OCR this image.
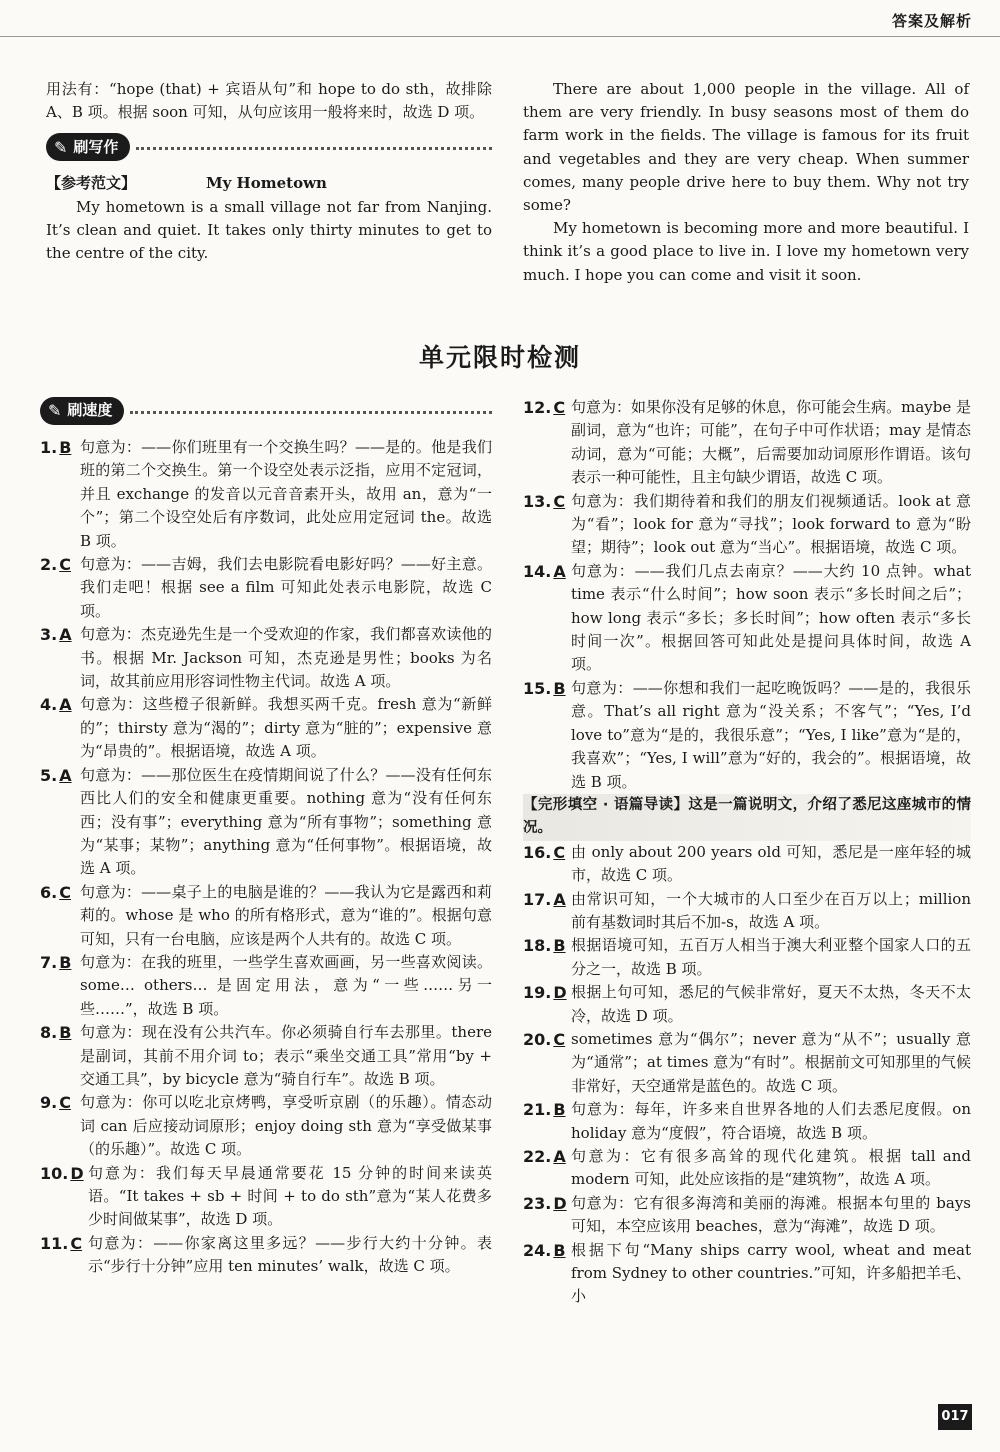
答案及解析

用法有：“hope (that) + 宾语从句”和 hope to do sth，故排除 A、B 项。根据 soon 可知，从句应该用一般将来时，故选 D 项。

✎ 刷写作

【参考范文】	My Hometown

My hometown is a small village not far from Nanjing. It’s clean and quiet. It takes only thirty minutes to get to the centre of the city.

There are about 1,000 people in the village. All of them are very friendly. In busy seasons most of them do farm work in the fields. The village is famous for its fruit and vegetables and they are very cheap. When summer comes, many people drive here to buy them. Why not try some?

My hometown is becoming more and more beautiful. I think it’s a good place to live in. I love my hometown very much. I hope you can come and visit it soon.

单元限时检测
✎ 刷速度
1. B 句意为：——你们班里有一个交换生吗？——是的。他是我们班的第二个交换生。第一个设空处表示泛指，应用不定冠词，并且 exchange 的发音以元音音素开头，故用 an，意为“一个”；第二个设空处后有序数词，此处应用定冠词 the。故选 B 项。
2. C 句意为：——吉姆，我们去电影院看电影好吗？——好主意。我们走吧！根据 see a film 可知此处表示电影院，故选 C 项。
3. A 句意为：杰克逊先生是一个受欢迎的作家，我们都喜欢读他的书。根据 Mr. Jackson 可知，杰克逊是男性；books 为名词，故其前应用形容词性物主代词。故选 A 项。
4. A 句意为：这些橙子很新鲜。我想买两千克。fresh 意为“新鲜的”；thirsty 意为“渴的”；dirty 意为“脏的”；expensive 意为“昂贵的”。根据语境，故选 A 项。
5. A 句意为：——那位医生在疫情期间说了什么？——没有任何东西比人们的安全和健康更重要。nothing 意为“没有任何东西；没有事”；everything 意为“所有事物”；something 意为“某事；某物”；anything 意为“任何事物”。根据语境，故选 A 项。
6. C 句意为：——桌子上的电脑是谁的？——我认为它是露西和莉莉的。whose 是 who 的所有格形式，意为“谁的”。根据句意可知，只有一台电脑，应该是两个人共有的。故选 C 项。
7. B 句意为：在我的班里，一些学生喜欢画画，另一些喜欢阅读。some… others… 是固定用法，意为“一些……另一些……”，故选 B 项。
8. B 句意为：现在没有公共汽车。你必须骑自行车去那里。there 是副词，其前不用介词 to；表示“乘坐交通工具”常用“by + 交通工具”，by bicycle 意为“骑自行车”。故选 B 项。
9. C 句意为：你可以吃北京烤鸭，享受听京剧（的乐趣）。情态动词 can 后应接动词原形；enjoy doing sth 意为“享受做某事（的乐趣）”。故选 C 项。
10. D 句意为：我们每天早晨通常要花 15 分钟的时间来读英语。“It takes + sb + 时间 + to do sth”意为“某人花费多少时间做某事”，故选 D 项。
11. C 句意为：——你家离这里多远？——步行大约十分钟。表示“步行十分钟”应用 ten minutes’ walk，故选 C 项。
12. C 句意为：如果你没有足够的休息，你可能会生病。maybe 是副词，意为“也许；可能”，在句子中可作状语；may 是情态动词，意为“可能；大概”，后需要加动词原形作谓语。该句表示一种可能性，且主句缺少谓语，故选 C 项。
13. C 句意为：我们期待着和我们的朋友们视频通话。look at 意为“看”；look for 意为“寻找”；look forward to 意为“盼望；期待”；look out 意为“当心”。根据语境，故选 C 项。
14. A 句意为：——我们几点去南京？——大约 10 点钟。what time 表示“什么时间”；how soon 表示“多长时间之后”；how long 表示“多长；多长时间”；how often 表示“多长时间一次”。根据回答可知此处是提问具体时间，故选 A 项。
15. B 句意为：——你想和我们一起吃晚饭吗？——是的，我很乐意。That’s all right 意为“没关系；不客气”；“Yes, I’d love to”意为“是的，我很乐意”；“Yes, I like”意为“是的，我喜欢”；“Yes, I will”意为“好的，我会的”。根据语境，故选 B 项。

【完形填空 · 语篇导读】这是一篇说明文，介绍了悉尼这座城市的情况。

16. C 由 only about 200 years old 可知，悉尼是一座年轻的城市，故选 C 项。
17. A 由常识可知，一个大城市的人口至少在百万以上；million 前有基数词时其后不加-s，故选 A 项。
18. B 根据语境可知，五百万人相当于澳大利亚整个国家人口的五分之一，故选 B 项。
19. D 根据上句可知，悉尼的气候非常好，夏天不太热，冬天不太冷，故选 D 项。
20. C sometimes 意为“偶尔”；never 意为“从不”；usually 意为“通常”；at times 意为“有时”。根据前文可知那里的气候非常好，天空通常是蓝色的。故选 C 项。
21. B 句意为：每年，许多来自世界各地的人们去悉尼度假。on holiday 意为“度假”，符合语境，故选 B 项。
22. A 句意为：它有很多高耸的现代化建筑。根据 tall and modern 可知，此处应该指的是“建筑物”，故选 A 项。
23. D 句意为：它有很多海湾和美丽的海滩。根据本句里的 bays 可知，本空应该用 beaches，意为“海滩”，故选 D 项。
24. B 根据下句“Many ships carry wool, wheat and meat from Sydney to other countries.”可知，许多船把羊毛、小
017
